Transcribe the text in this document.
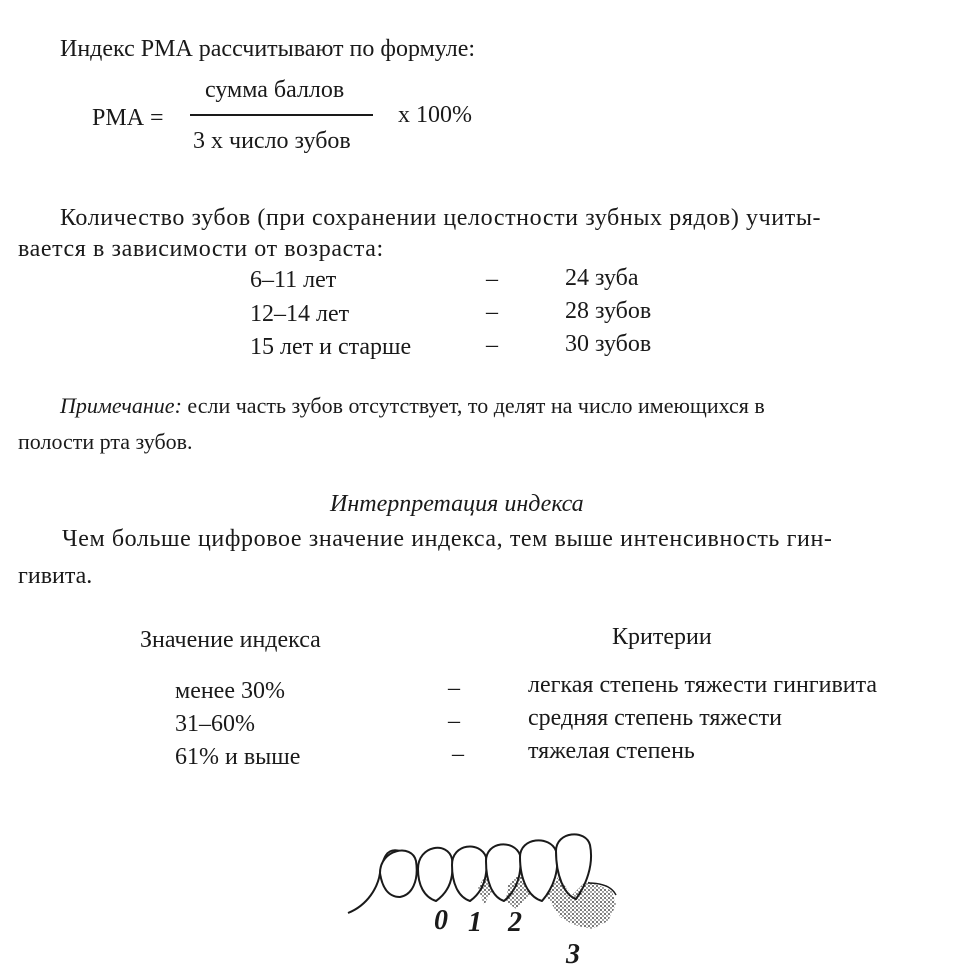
Индекс РМА рассчитывают по формуле:
РМА =
сумма баллов
3 х число зубов
х 100%
Количество зубов (при сохранении целостности зубных рядов) учиты-
вается в зависимости от возраста:
6–11 лет	–	24 зуба
12–14 лет	–	28 зубов
15 лет и старше	–	30 зубов
Примечание: если часть зубов отсутствует, то делят на число имеющихся в
полости рта зубов.
Интерпретация индекса
Чем больше цифровое значение индекса, тем выше интенсивность гин-
гивита.
Значение индекса	Критерии
менее 30%	–	легкая степень тяжести гингивита
31–60%	–	средняя степень тяжести
61% и выше	–	тяжелая степень
0 1 2
3
